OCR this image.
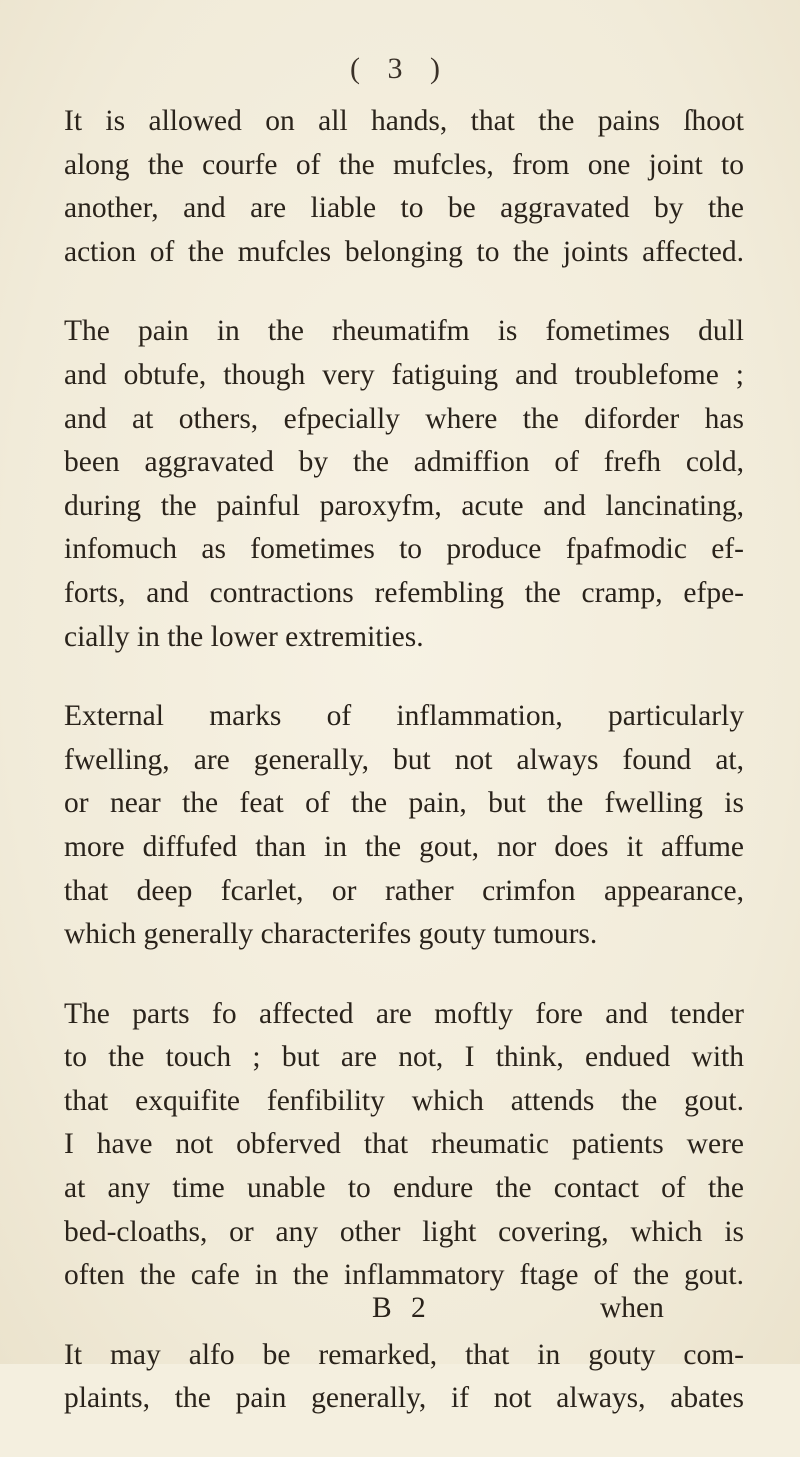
( 3 )

It is allowed on all hands, that the pains ſhoot
along the courfe of the mufcles, from one joint to
another, and are liable to be aggravated by the
action of the mufcles belonging to the joints affected.

The pain in the rheumatifm is fometimes dull
and obtufe, though very fatiguing and troublefome ;
and at others, efpecially where the diforder has
been aggravated by the admiffion of frefh cold,
during the painful paroxyfm, acute and lancinating,
infomuch as fometimes to produce fpafmodic ef-
forts, and contractions refembling the cramp, efpe-
cially in the lower extremities.

External marks of inflammation, particularly
fwelling, are generally, but not always found at,
or near the feat of the pain, but the fwelling is
more diffufed than in the gout, nor does it affume
that deep fcarlet, or rather crimfon appearance,
which generally characterifes gouty tumours.

The parts fo affected are moftly fore and tender
to the touch ; but are not, I think, endued with
that exquifite fenfibility which attends the gout.
I have not obferved that rheumatic patients were
at any time unable to endure the contact of the
bed-cloaths, or any other light covering, which is
often the cafe in the inflammatory ftage of the gout.

It may alfo be remarked, that in gouty com-
plaints, the pain generally, if not always, abates

B 2	when
